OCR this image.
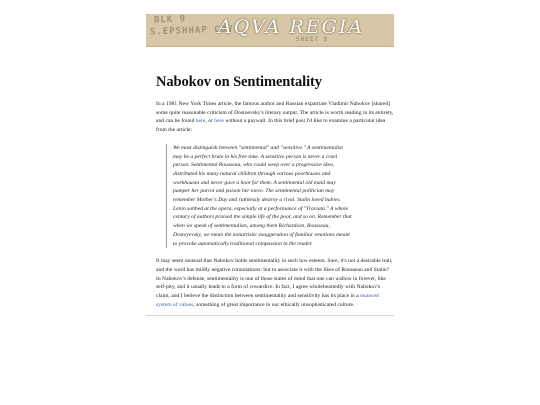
· BLK 9
S.EPSHHAP COV
SHEET 8
AQVA REGIA
Nabokov on Sentimentality

In a 1981 New York Times article, the famous author and Russian expatriate Vladimir Nabokov [shared] some quite reasonable criticism of Dostoevsky's literary output. The article is worth reading in its entirety, and can be found here, or here without a paywall. In this brief post I'd like to examine a particular idea from the article:

We must distinguish between "sentimental" and "sensitive." A sentimentalist may be a perfect brute in his free time. A sensitive person is never a cruel person. Sentimental Rousseau, who could weep over a progressive idea, distributed his many natural children through various poorhouses and workhouses and never gave a hoot for them. A sentimental old maid may pamper her parrot and poison her niece. The sentimental politician may remember Mother's Day and ruthlessly destroy a rival. Stalin loved babies. Lenin sobbed at the opera, especially at a performance of "Traviata." A whole century of authors praised the simple life of the poor, and so on. Remember that when we speak of sentimentalists, among them Richardson, Rousseau, Dostoyevsky, we mean the nonartistic exaggeration of familiar emotions meant to provoke automatically traditional compassion in the reader.

It may seem unusual that Nabokov holds sentimentality in such low esteem. Sure, it's not a desirable trait, and the word has mildly negative connotations: but to associate it with the likes of Rousseau and Stalin? In Nabokov's defense, sentimentality is one of those states of mind that one can wallow in forever, like self-pity, and it usually leads to a form of cowardice. In fact, I agree wholeheartedly with Nabokov's claim, and I believe the distinction between sentimentality and sensitivity has its place in a nuanced system of values, something of great importance in our ethically unsophisticated culture.
